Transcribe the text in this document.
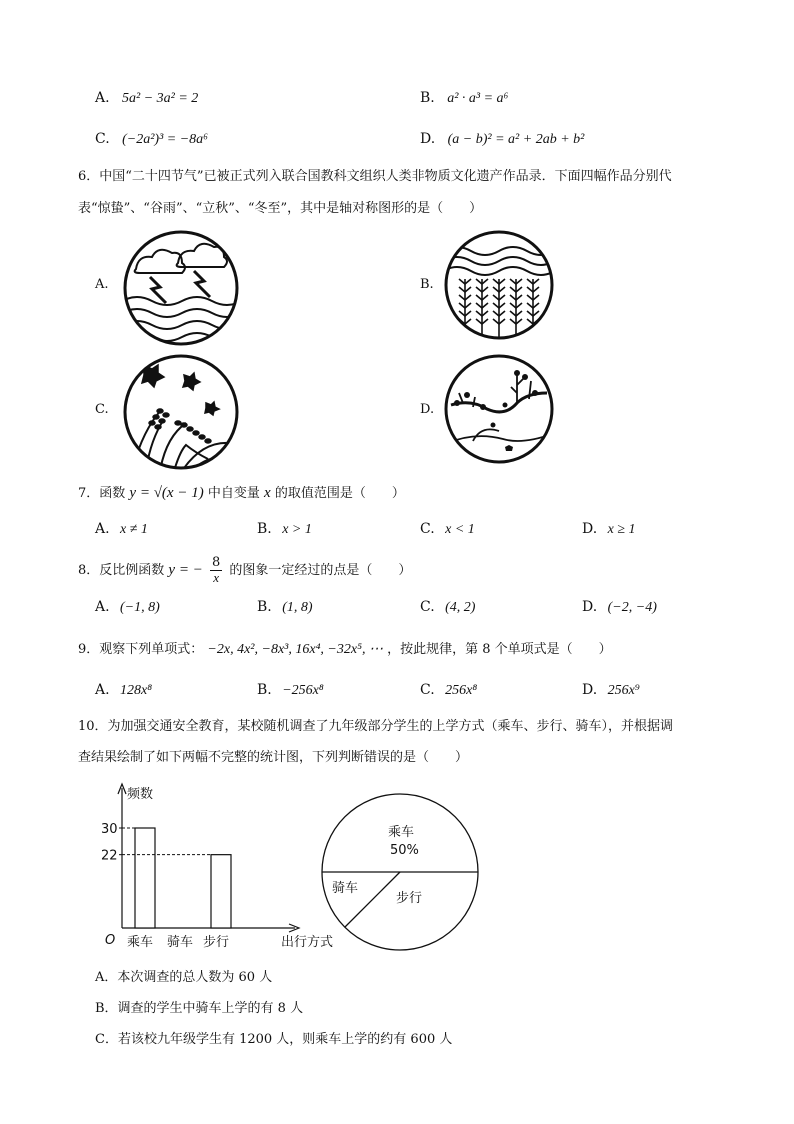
A. 5a² − 3a² = 2	B. a² · a³ = a⁶
C. (−2a²)³ = −8a⁶	D. (a − b)² = a² + 2ab + b²
6．中国“二十四节气”已被正式列入联合国教科文组织人类非物质文化遗产作品录．下面四幅作品分别代
表“惊蛰”、“谷雨”、“立秋”、“冬至”，其中是轴对称图形的是（　　）
A.	B.
C.	D.
7．函数 y = √(x − 1) 中自变量 x 的取值范围是（　　）
A. x ≠ 1	B. x > 1	C. x < 1	D. x ≥ 1
8．反比例函数 y = − $\frac{8}{x}$ 的图象一定经过的点是（　　）
A. (−1, 8)	B. (1, 8)	C. (4, 2)	D. (−2, −4)
9．观察下列单项式： −2x, 4x², −8x³, 16x⁴, −32x⁵, ⋯ ，按此规律，第 8 个单项式是（　　）
A. 128x⁸	B. −256x⁸	C. 256x⁸	D. 256x⁹
10．为加强交通安全教育，某校随机调查了九年级部分学生的上学方式（乘车、步行、骑车），并根据调
查结果绘制了如下两幅不完整的统计图，下列判断错误的是（　　）
频数
O	出行方式
22
30
乘车 骑车 步行
乘车
50%
骑车
步行
A．本次调查的总人数为 60 人
B．调查的学生中骑车上学的有 8 人
C．若该校九年级学生有 1200 人，则乘车上学的约有 600 人
